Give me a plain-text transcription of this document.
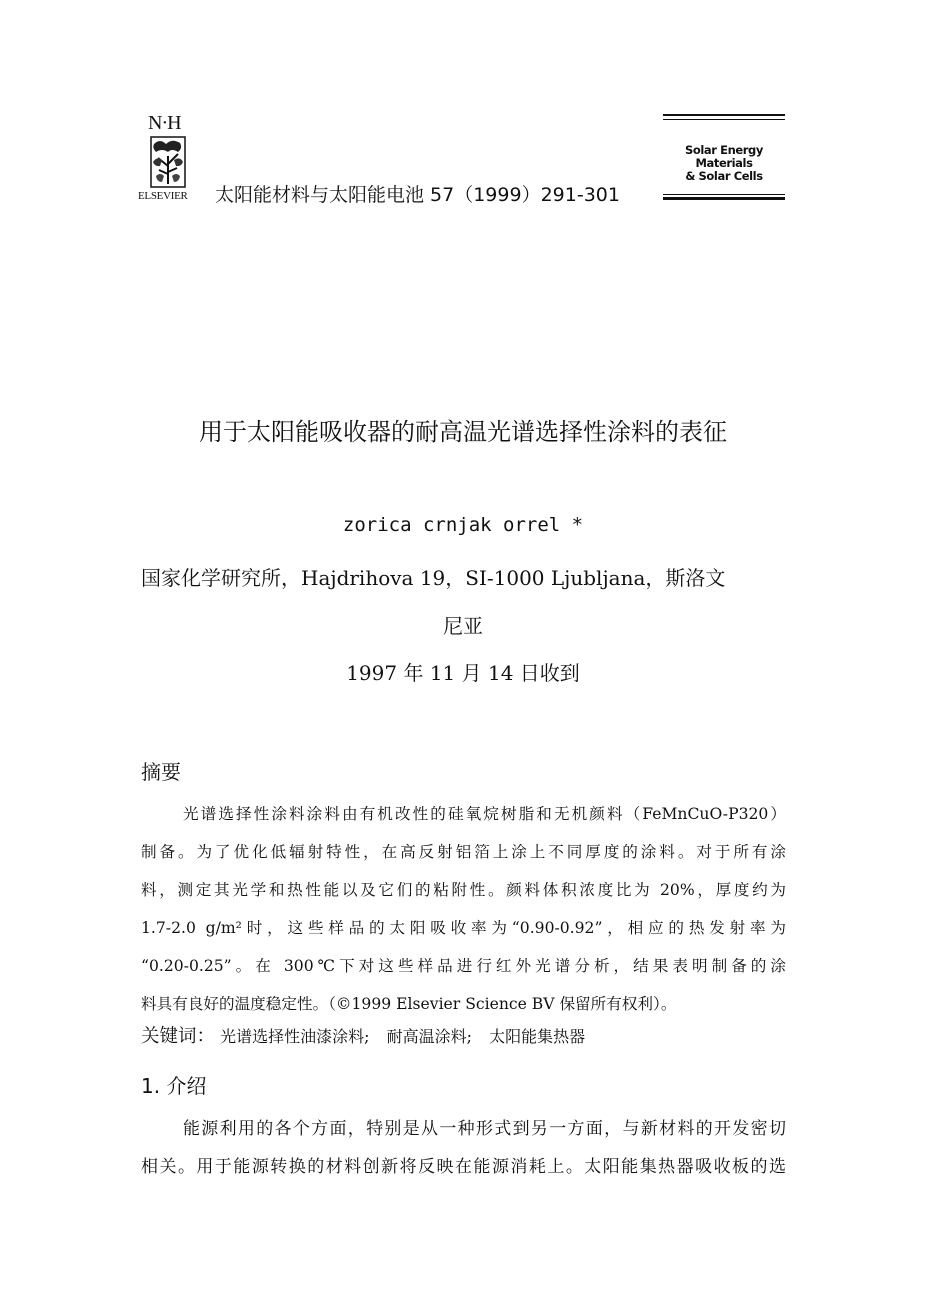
N·H
ELSEVIER 太阳能材料与太阳能电池 57（1999）291-301
Solar Energy Materials
& Solar Cells
用于太阳能吸收器的耐高温光谱选择性涂料的表征
zorica crnjak orrel *
国家化学研究所，Hajdrihova 19，SI-1000 Ljubljana，斯洛文
尼亚
1997 年 11 月 14 日收到
摘要
光谱选择性涂料涂料由有机改性的硅氧烷树脂和无机颜料（FeMnCuO-P320）
制备。为了优化低辐射特性，在高反射铝箔上涂上不同厚度的涂料。对于所有涂
料，测定其光学和热性能以及它们的粘附性。颜料体积浓度比为 20%，厚度约为
1.7-2.0 g/m²时，这些样品的太阳吸收率为“0.90-0.92”，相应的热发射率为
“0.20-0.25”。在 300℃下对这些样品进行红外光谱分析，结果表明制备的涂
料具有良好的温度稳定性。（©1999 Elsevier Science BV 保留所有权利）。
关键词： 光谱选择性油漆涂料; 耐高温涂料; 太阳能集热器
1. 介绍
能源利用的各个方面，特别是从一种形式到另一方面，与新材料的开发密切
相关。用于能源转换的材料创新将反映在能源消耗上。太阳能集热器吸收板的选
